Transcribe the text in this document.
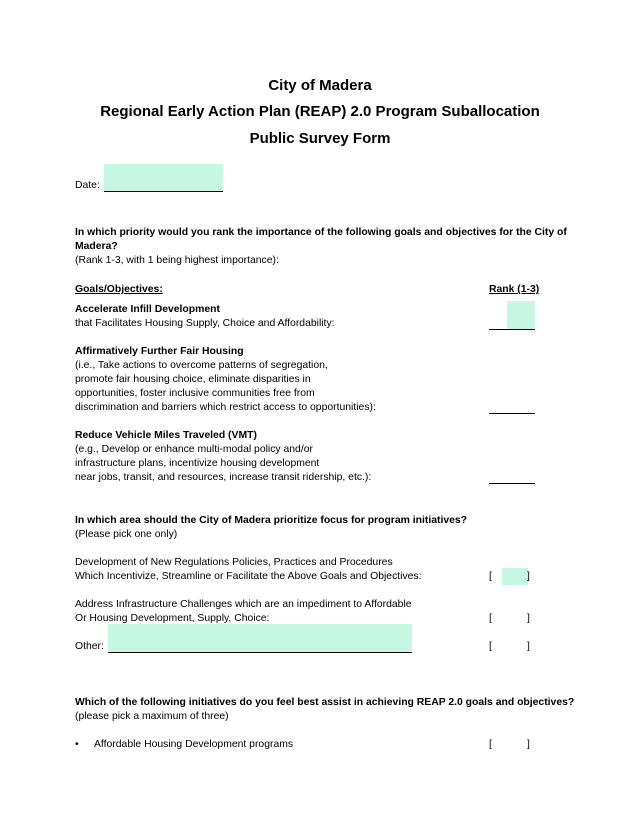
City of Madera
Regional Early Action Plan (REAP) 2.0 Program Suballocation
Public Survey Form
Date:
In which priority would you rank the importance of the following goals and objectives for the City of
Madera?
(Rank 1-3, with 1 being highest importance):
Goals/Objectives:	Rank (1-3)
Accelerate Infill Development
that Facilitates Housing Supply, Choice and Affordability:
Affirmatively Further Fair Housing
(i.e., Take actions to overcome patterns of segregation,
promote fair housing choice, eliminate disparities in
opportunities, foster inclusive communities free from
discrimination and barriers which restrict access to opportunities):
Reduce Vehicle Miles Traveled (VMT)
(e.g., Develop or enhance multi-modal policy and/or
infrastructure plans, incentivize housing development
near jobs, transit, and resources, increase transit ridership, etc.):
In which area should the City of Madera prioritize focus for program initiatives?
(Please pick one only)
Development of New Regulations Policies, Practices and Procedures
Which Incentivize, Streamline or Facilitate the Above Goals and Objectives:	[	]
Address Infrastructure Challenges which are an impediment to Affordable
Or Housing Development, Supply, Choice:	[	]
Other:	[	]
Which of the following initiatives do you feel best assist in achieving REAP 2.0 goals and objectives?
(please pick a maximum of three)
• Affordable Housing Development programs	[	]
